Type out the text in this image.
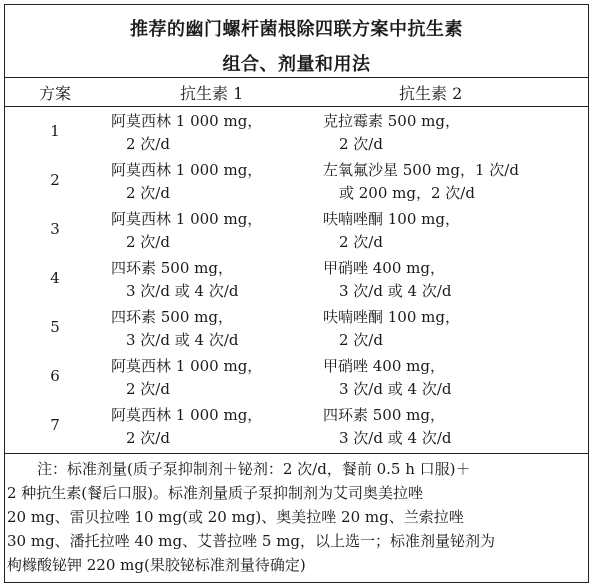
推荐的幽门螺杆菌根除四联方案中抗生素
组合、剂量和用法
方案	抗生素 1	抗生素 2
1
阿莫西林 1 000 mg，
2 次/d
克拉霉素 500 mg，
2 次/d
2
阿莫西林 1 000 mg，
2 次/d
左氧氟沙星 500 mg，1 次/d
或 200 mg，2 次/d
3
阿莫西林 1 000 mg，
2 次/d
呋喃唑酮 100 mg，
2 次/d
4
四环素 500 mg，
3 次/d 或 4 次/d
甲硝唑 400 mg，
3 次/d 或 4 次/d
5
四环素 500 mg，
3 次/d 或 4 次/d
呋喃唑酮 100 mg，
2 次/d
6
阿莫西林 1 000 mg，
2 次/d
甲硝唑 400 mg，
3 次/d 或 4 次/d
7
阿莫西林 1 000 mg，
2 次/d
四环素 500 mg，
3 次/d 或 4 次/d
　　注：标准剂量(质子泵抑制剂＋铋剂：2 次/d，餐前 0.5 h 口服)＋
2 种抗生素(餐后口服)。标准剂量质子泵抑制剂为艾司奥美拉唑
20 mg、雷贝拉唑 10 mg(或 20 mg)、奥美拉唑 20 mg、兰索拉唑
30 mg、潘托拉唑 40 mg、艾普拉唑 5 mg，以上选一；标准剂量铋剂为
枸橼酸铋钾 220 mg(果胶铋标准剂量待确定)
